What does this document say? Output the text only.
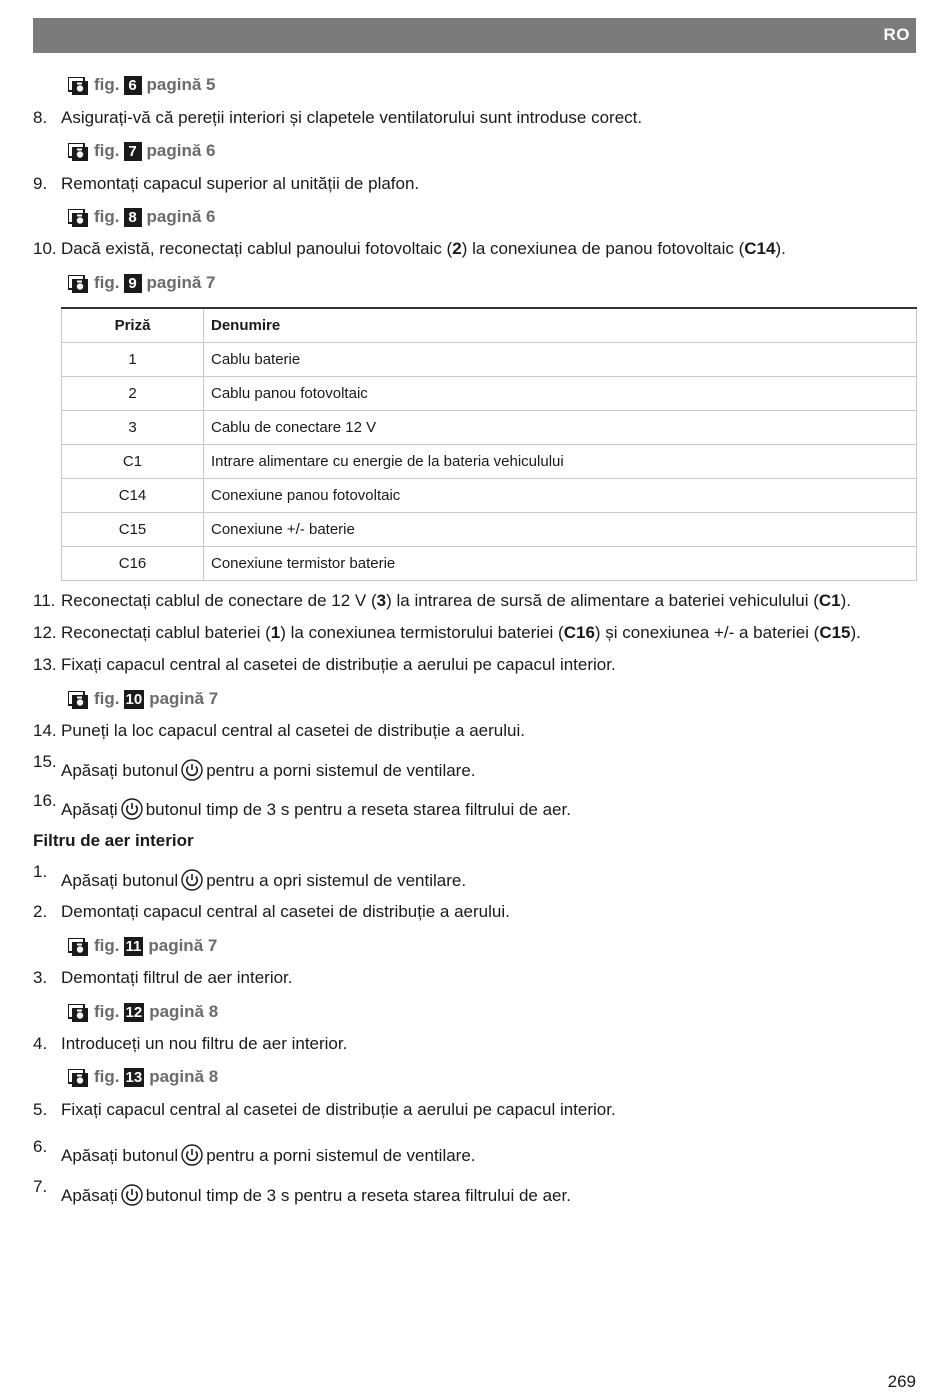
RO
fig. 6 pagină 5
8. Asigurați-vă că pereții interiori și clapetele ventilatorului sunt introduse corect.
fig. 7 pagină 6
9. Remontați capacul superior al unității de plafon.
fig. 8 pagină 6
10. Dacă există, reconectați cablul panoului fotovoltaic (2) la conexiunea de panou fotovoltaic (C14).
fig. 9 pagină 7
Priză	Denumire
1	Cablu baterie
2	Cablu panou fotovoltaic
3	Cablu de conectare 12 V
C1	Intrare alimentare cu energie de la bateria vehiculului
C14	Conexiune panou fotovoltaic
C15	Conexiune +/- baterie
C16	Conexiune termistor baterie
11. Reconectați cablul de conectare de 12 V (3) la intrarea de sursă de alimentare a bateriei vehiculului (C1).
12. Reconectați cablul bateriei (1) la conexiunea termistorului bateriei (C16) și conexiunea +/- a bateriei (C15).
13. Fixați capacul central al casetei de distribuție a aerului pe capacul interior.
fig. 10 pagină 7
14. Puneți la loc capacul central al casetei de distribuție a aerului.
15. Apăsați butonul pentru a porni sistemul de ventilare.
16. Apăsați butonul timp de 3 s pentru a reseta starea filtrului de aer.
Filtru de aer interior
1. Apăsați butonul pentru a opri sistemul de ventilare.
2. Demontați capacul central al casetei de distribuție a aerului.
fig. 11 pagină 7
3. Demontați filtrul de aer interior.
fig. 12 pagină 8
4. Introduceți un nou filtru de aer interior.
fig. 13 pagină 8
5. Fixați capacul central al casetei de distribuție a aerului pe capacul interior.
6. Apăsați butonul pentru a porni sistemul de ventilare.
7. Apăsați butonul timp de 3 s pentru a reseta starea filtrului de aer.
269
